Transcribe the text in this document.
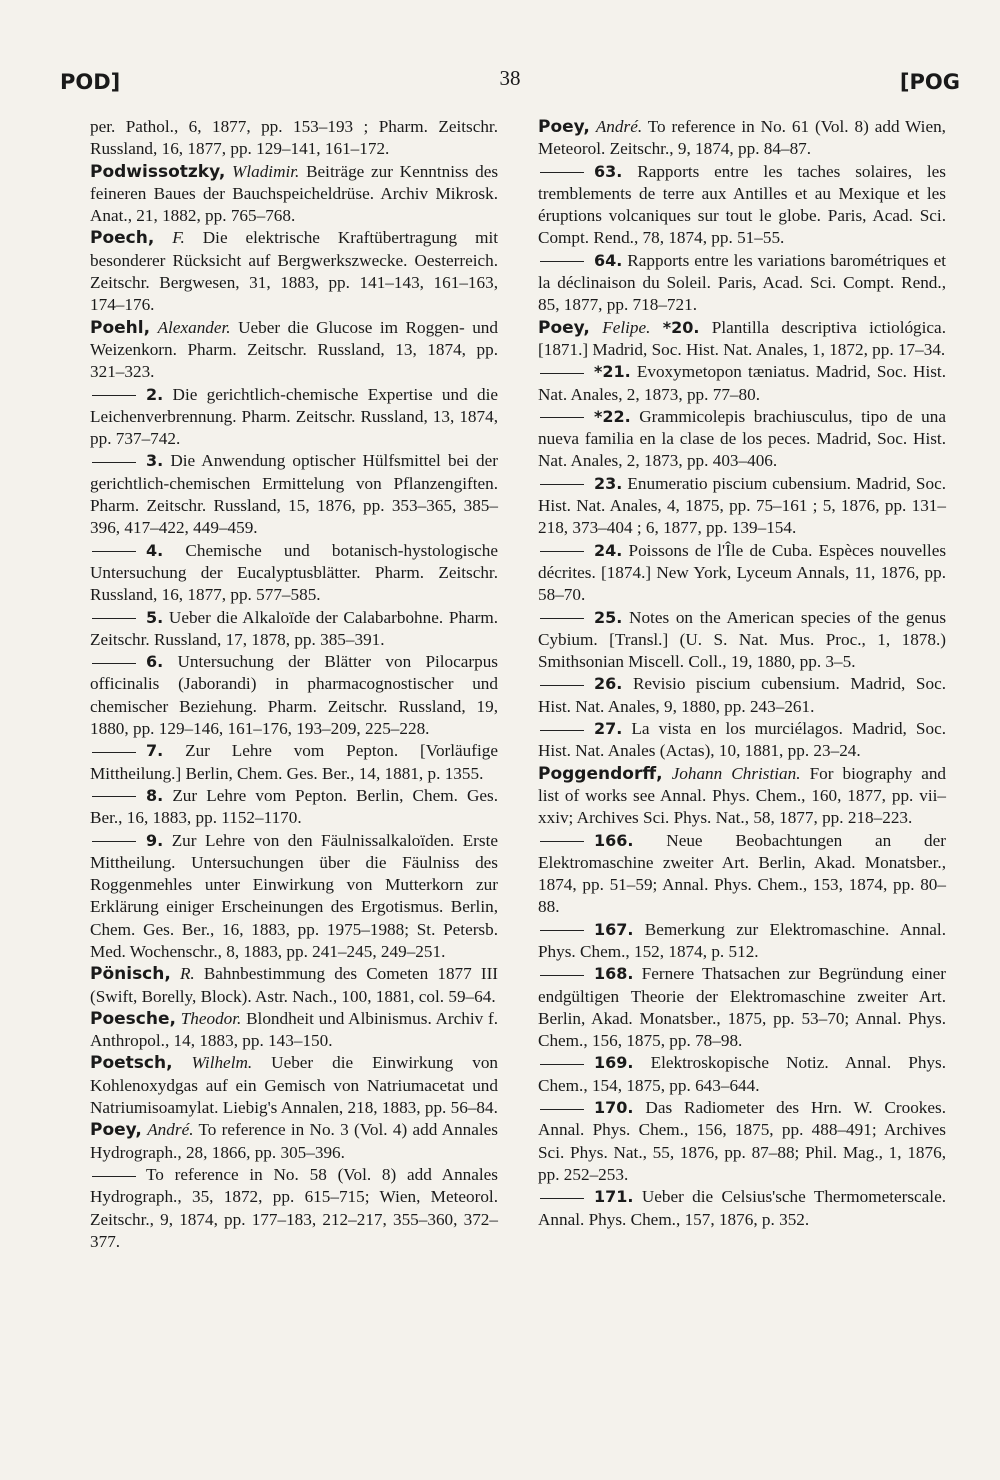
POD]	38	[POG

per. Pathol., 6, 1877, pp. 153–193 ; Pharm. Zeitschr. Russland, 16, 1877, pp. 129–141, 161–172.

Podwissotzky, Wladimir. Beiträge zur Kenntniss des feineren Baues der Bauchspeicheldrüse. Archiv Mikrosk. Anat., 21, 1882, pp. 765–768.

Poech, F. Die elektrische Kraftübertragung mit besonderer Rücksicht auf Bergwerkszwecke. Oesterreich. Zeitschr. Bergwesen, 31, 1883, pp. 141–143, 161–163, 174–176.

Poehl, Alexander. Ueber die Glucose im Roggen- und Weizenkorn. Pharm. Zeitschr. Russland, 13, 1874, pp. 321–323.

2. Die gerichtlich-chemische Expertise und die Leichenverbrennung. Pharm. Zeitschr. Russland, 13, 1874, pp. 737–742.

3. Die Anwendung optischer Hülfsmittel bei der gerichtlich-chemischen Ermittelung von Pflanzengiften. Pharm. Zeitschr. Russland, 15, 1876, pp. 353–365, 385–396, 417–422, 449–459.

4. Chemische und botanisch-hystologische Untersuchung der Eucalyptusblätter. Pharm. Zeitschr. Russland, 16, 1877, pp. 577–585.

5. Ueber die Alkaloïde der Calabarbohne. Pharm. Zeitschr. Russland, 17, 1878, pp. 385–391.

6. Untersuchung der Blätter von Pilocarpus officinalis (Jaborandi) in pharmacognostischer und chemischer Beziehung. Pharm. Zeitschr. Russland, 19, 1880, pp. 129–146, 161–176, 193–209, 225–228.

7. Zur Lehre vom Pepton. [Vorläufige Mittheilung.] Berlin, Chem. Ges. Ber., 14, 1881, p. 1355.

8. Zur Lehre vom Pepton. Berlin, Chem. Ges. Ber., 16, 1883, pp. 1152–1170.

9. Zur Lehre von den Fäulnissalkaloïden. Erste Mittheilung. Untersuchungen über die Fäulniss des Roggenmehles unter Einwirkung von Mutterkorn zur Erklärung einiger Erscheinungen des Ergotismus. Berlin, Chem. Ges. Ber., 16, 1883, pp. 1975–1988; St. Petersb. Med. Wochenschr., 8, 1883, pp. 241–245, 249–251.

Pönisch, R. Bahnbestimmung des Cometen 1877 III (Swift, Borelly, Block). Astr. Nach., 100, 1881, col. 59–64.

Poesche, Theodor. Blondheit und Albinismus. Archiv f. Anthropol., 14, 1883, pp. 143–150.

Poetsch, Wilhelm. Ueber die Einwirkung von Kohlenoxydgas auf ein Gemisch von Natriumacetat und Natriumisoamylat. Liebig's Annalen, 218, 1883, pp. 56–84.

Poey, André. To reference in No. 3 (Vol. 4) add Annales Hydrograph., 28, 1866, pp. 305–396.

To reference in No. 58 (Vol. 8) add Annales Hydrograph., 35, 1872, pp. 615–715; Wien, Meteorol. Zeitschr., 9, 1874, pp. 177–183, 212–217, 355–360, 372–377.

Poey, André. To reference in No. 61 (Vol. 8) add Wien, Meteorol. Zeitschr., 9, 1874, pp. 84–87.

63. Rapports entre les taches solaires, les tremblements de terre aux Antilles et au Mexique et les éruptions volcaniques sur tout le globe. Paris, Acad. Sci. Compt. Rend., 78, 1874, pp. 51–55.

64. Rapports entre les variations barométriques et la déclinaison du Soleil. Paris, Acad. Sci. Compt. Rend., 85, 1877, pp. 718–721.

Poey, Felipe. *20. Plantilla descriptiva ictiológica. [1871.] Madrid, Soc. Hist. Nat. Anales, 1, 1872, pp. 17–34.

*21. Evoxymetopon tæniatus. Madrid, Soc. Hist. Nat. Anales, 2, 1873, pp. 77–80.

*22. Grammicolepis brachiusculus, tipo de una nueva familia en la clase de los peces. Madrid, Soc. Hist. Nat. Anales, 2, 1873, pp. 403–406.

23. Enumeratio piscium cubensium. Madrid, Soc. Hist. Nat. Anales, 4, 1875, pp. 75–161 ; 5, 1876, pp. 131–218, 373–404 ; 6, 1877, pp. 139–154.

24. Poissons de l'Île de Cuba. Espèces nouvelles décrites. [1874.] New York, Lyceum Annals, 11, 1876, pp. 58–70.

25. Notes on the American species of the genus Cybium. [Transl.] (U. S. Nat. Mus. Proc., 1, 1878.) Smithsonian Miscell. Coll., 19, 1880, pp. 3–5.

26. Revisio piscium cubensium. Madrid, Soc. Hist. Nat. Anales, 9, 1880, pp. 243–261.

27. La vista en los murciélagos. Madrid, Soc. Hist. Nat. Anales (Actas), 10, 1881, pp. 23–24.

Poggendorff, Johann Christian. For biography and list of works see Annal. Phys. Chem., 160, 1877, pp. vii–xxiv; Archives Sci. Phys. Nat., 58, 1877, pp. 218–223.

166. Neue Beobachtungen an der Elektromaschine zweiter Art. Berlin, Akad. Monatsber., 1874, pp. 51–59; Annal. Phys. Chem., 153, 1874, pp. 80–88.

167. Bemerkung zur Elektromaschine. Annal. Phys. Chem., 152, 1874, p. 512.

168. Fernere Thatsachen zur Begründung einer endgültigen Theorie der Elektromaschine zweiter Art. Berlin, Akad. Monatsber., 1875, pp. 53–70; Annal. Phys. Chem., 156, 1875, pp. 78–98.

169. Elektroskopische Notiz. Annal. Phys. Chem., 154, 1875, pp. 643–644.

170. Das Radiometer des Hrn. W. Crookes. Annal. Phys. Chem., 156, 1875, pp. 488–491; Archives Sci. Phys. Nat., 55, 1876, pp. 87–88; Phil. Mag., 1, 1876, pp. 252–253.

171. Ueber die Celsius'sche Thermometerscale. Annal. Phys. Chem., 157, 1876, p. 352.
